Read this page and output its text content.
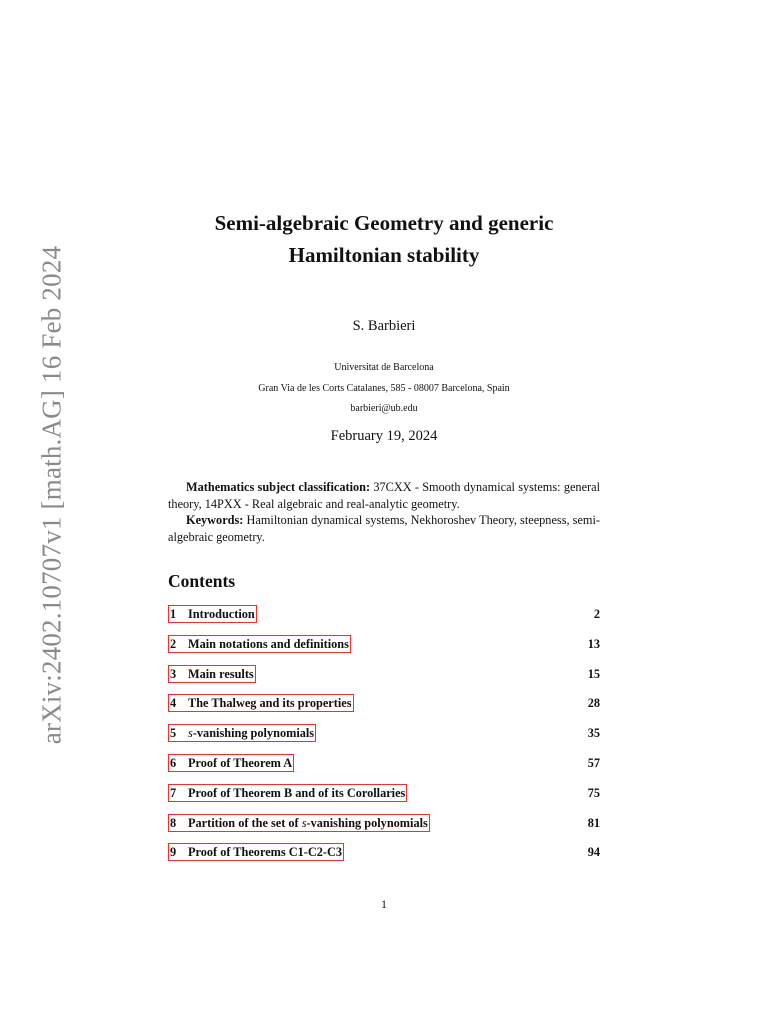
arXiv:2402.10707v1 [math.AG] 16 Feb 2024
Semi-algebraic Geometry and generic
Hamiltonian stability
S. Barbieri
Universitat de Barcelona
Gran Via de les Corts Catalanes, 585 - 08007 Barcelona, Spain
barbieri@ub.edu
February 19, 2024

Mathematics subject classification: 37CXX - Smooth dynamical systems: general theory, 14PXX - Real algebraic and real-analytic geometry.

Keywords: Hamiltonian dynamical systems, Nekhoroshev Theory, steepness, semi-algebraic geometry.

Contents
1 Introduction	2
2 Main notations and definitions	13
3 Main results	15
4 The Thalweg and its properties	28
5 s-vanishing polynomials	35
6 Proof of Theorem A	57
7 Proof of Theorem B and of its Corollaries	75
8 Partition of the set of s-vanishing polynomials	81
9 Proof of Theorems C1-C2-C3	94
1
